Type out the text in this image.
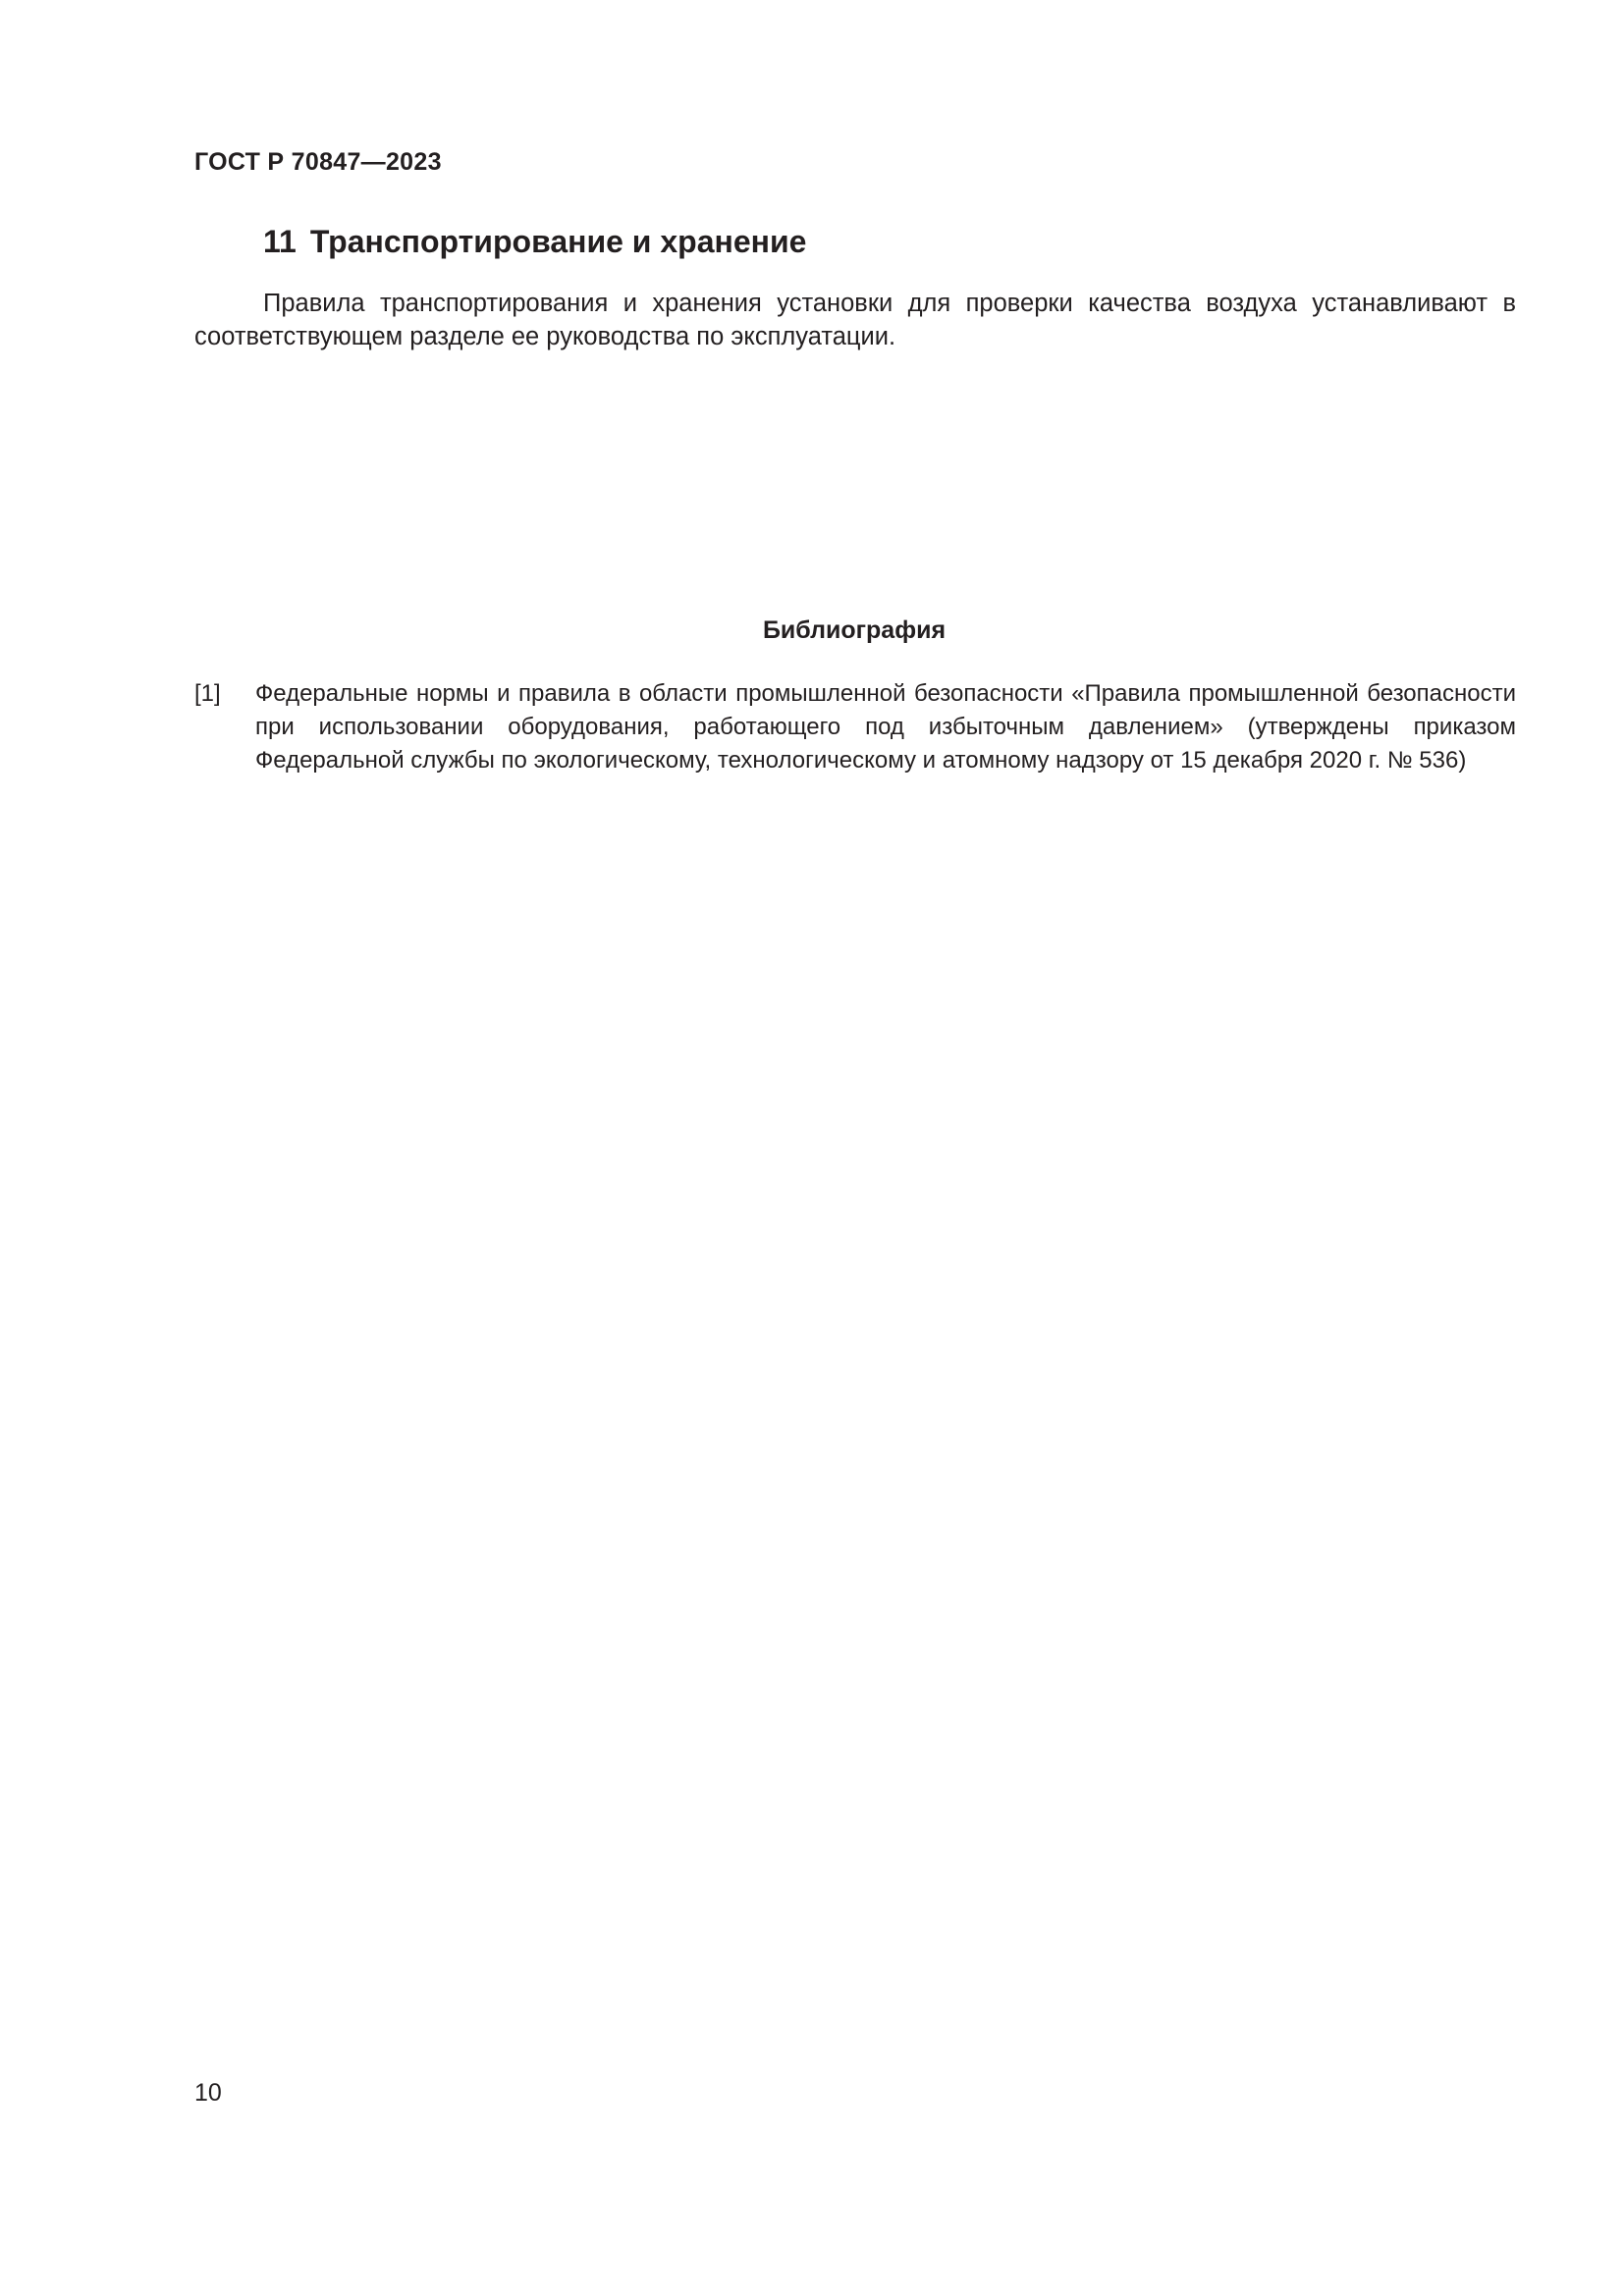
ГОСТ Р 70847—2023
11 Транспортирование и хранение
Правила транспортирования и хранения установки для проверки качества воздуха устанавливают в соответствующем разделе ее руководства по эксплуатации.
Библиография
[1] Федеральные нормы и правила в области промышленной безопасности «Правила промышленной безопасности при использовании оборудования, работающего под избыточным давлением» (утверждены приказом Федеральной службы по экологическому, технологическому и атомному надзору от 15 декабря 2020 г. № 536)
10
